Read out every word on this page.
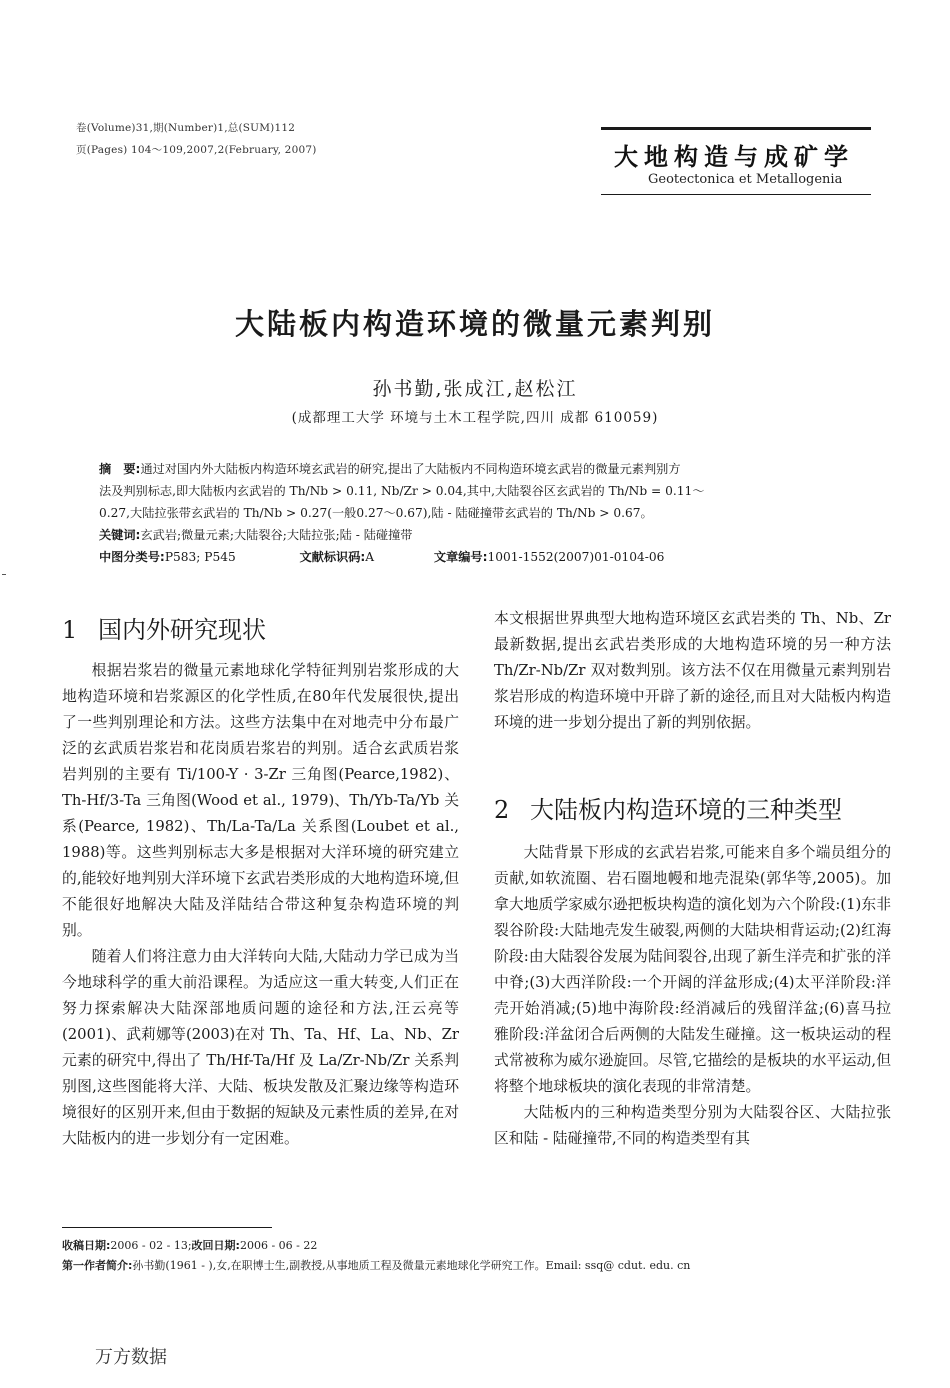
卷(Volume)31,期(Number)1,总(SUM)112
页(Pages) 104～109,2007,2(February, 2007)	大地构造与成矿学
Geotectonica et Metallogenia
大陆板内构造环境的微量元素判别
孙书勤,张成江,赵松江
(成都理工大学 环境与土木工程学院,四川 成都 610059)
摘　要:通过对国内外大陆板内构造环境玄武岩的研究,提出了大陆板内不同构造环境玄武岩的微量元素判别方
法及判别标志,即大陆板内玄武岩的 Th/Nb > 0.11, Nb/Zr > 0.04,其中,大陆裂谷区玄武岩的 Th/Nb = 0.11～
0.27,大陆拉张带玄武岩的 Th/Nb > 0.27(一般0.27～0.67),陆 - 陆碰撞带玄武岩的 Th/Nb > 0.67。
关键词:玄武岩;微量元素;大陆裂谷;大陆拉张;陆 - 陆碰撞带
中图分类号:P583; P545	文献标识码:A	文章编号:1001-1552(2007)01-0104-06
1 国内外研究现状

根据岩浆岩的微量元素地球化学特征判别岩浆形成的大地构造环境和岩浆源区的化学性质,在80年代发展很快,提出了一些判别理论和方法。这些方法集中在对地壳中分布最广泛的玄武质岩浆岩和花岗质岩浆岩的判别。适合玄武质岩浆岩判别的主要有 Ti/100-Y · 3-Zr 三角图(Pearce,1982)、Th-Hf/3-Ta 三角图(Wood et al., 1979)、Th/Yb-Ta/Yb 关系(Pearce, 1982)、Th/La-Ta/La 关系图(Loubet et al., 1988)等。这些判别标志大多是根据对大洋环境的研究建立的,能较好地判别大洋环境下玄武岩类形成的大地构造环境,但不能很好地解决大陆及洋陆结合带这种复杂构造环境的判别。

随着人们将注意力由大洋转向大陆,大陆动力学已成为当今地球科学的重大前沿课程。为适应这一重大转变,人们正在努力探索解决大陆深部地质问题的途径和方法,汪云亮等(2001)、武莉娜等(2003)在对 Th、Ta、Hf、La、Nb、Zr 元素的研究中,得出了 Th/Hf-Ta/Hf 及 La/Zr-Nb/Zr 关系判别图,这些图能将大洋、大陆、板块发散及汇聚边缘等构造环境很好的区别开来,但由于数据的短缺及元素性质的差异,在对大陆板内的进一步划分有一定困难。

本文根据世界典型大地构造环境区玄武岩类的 Th、Nb、Zr 最新数据,提出玄武岩类形成的大地构造环境的另一种方法 Th/Zr-Nb/Zr 双对数判别。该方法不仅在用微量元素判别岩浆岩形成的构造环境中开辟了新的途径,而且对大陆板内构造环境的进一步划分提出了新的判别依据。

2 大陆板内构造环境的三种类型

大陆背景下形成的玄武岩岩浆,可能来自多个端员组分的贡献,如软流圈、岩石圈地幔和地壳混染(郭华等,2005)。加拿大地质学家威尔逊把板块构造的演化划为六个阶段:(1)东非裂谷阶段:大陆地壳发生破裂,两侧的大陆块相背运动;(2)红海阶段:由大陆裂谷发展为陆间裂谷,出现了新生洋壳和扩张的洋中脊;(3)大西洋阶段:一个开阔的洋盆形成;(4)太平洋阶段:洋壳开始消减;(5)地中海阶段:经消减后的残留洋盆;(6)喜马拉雅阶段:洋盆闭合后两侧的大陆发生碰撞。这一板块运动的程式常被称为威尔逊旋回。尽管,它描绘的是板块的水平运动,但将整个地球板块的演化表现的非常清楚。

大陆板内的三种构造类型分别为大陆裂谷区、大陆拉张区和陆 - 陆碰撞带,不同的构造类型有其

收稿日期:2006 - 02 - 13;改回日期:2006 - 06 - 22
第一作者简介:孙书勤(1961 - ),女,在职博士生,副教授,从事地质工程及微量元素地球化学研究工作。Email: ssq@ cdut. edu. cn
万方数据
